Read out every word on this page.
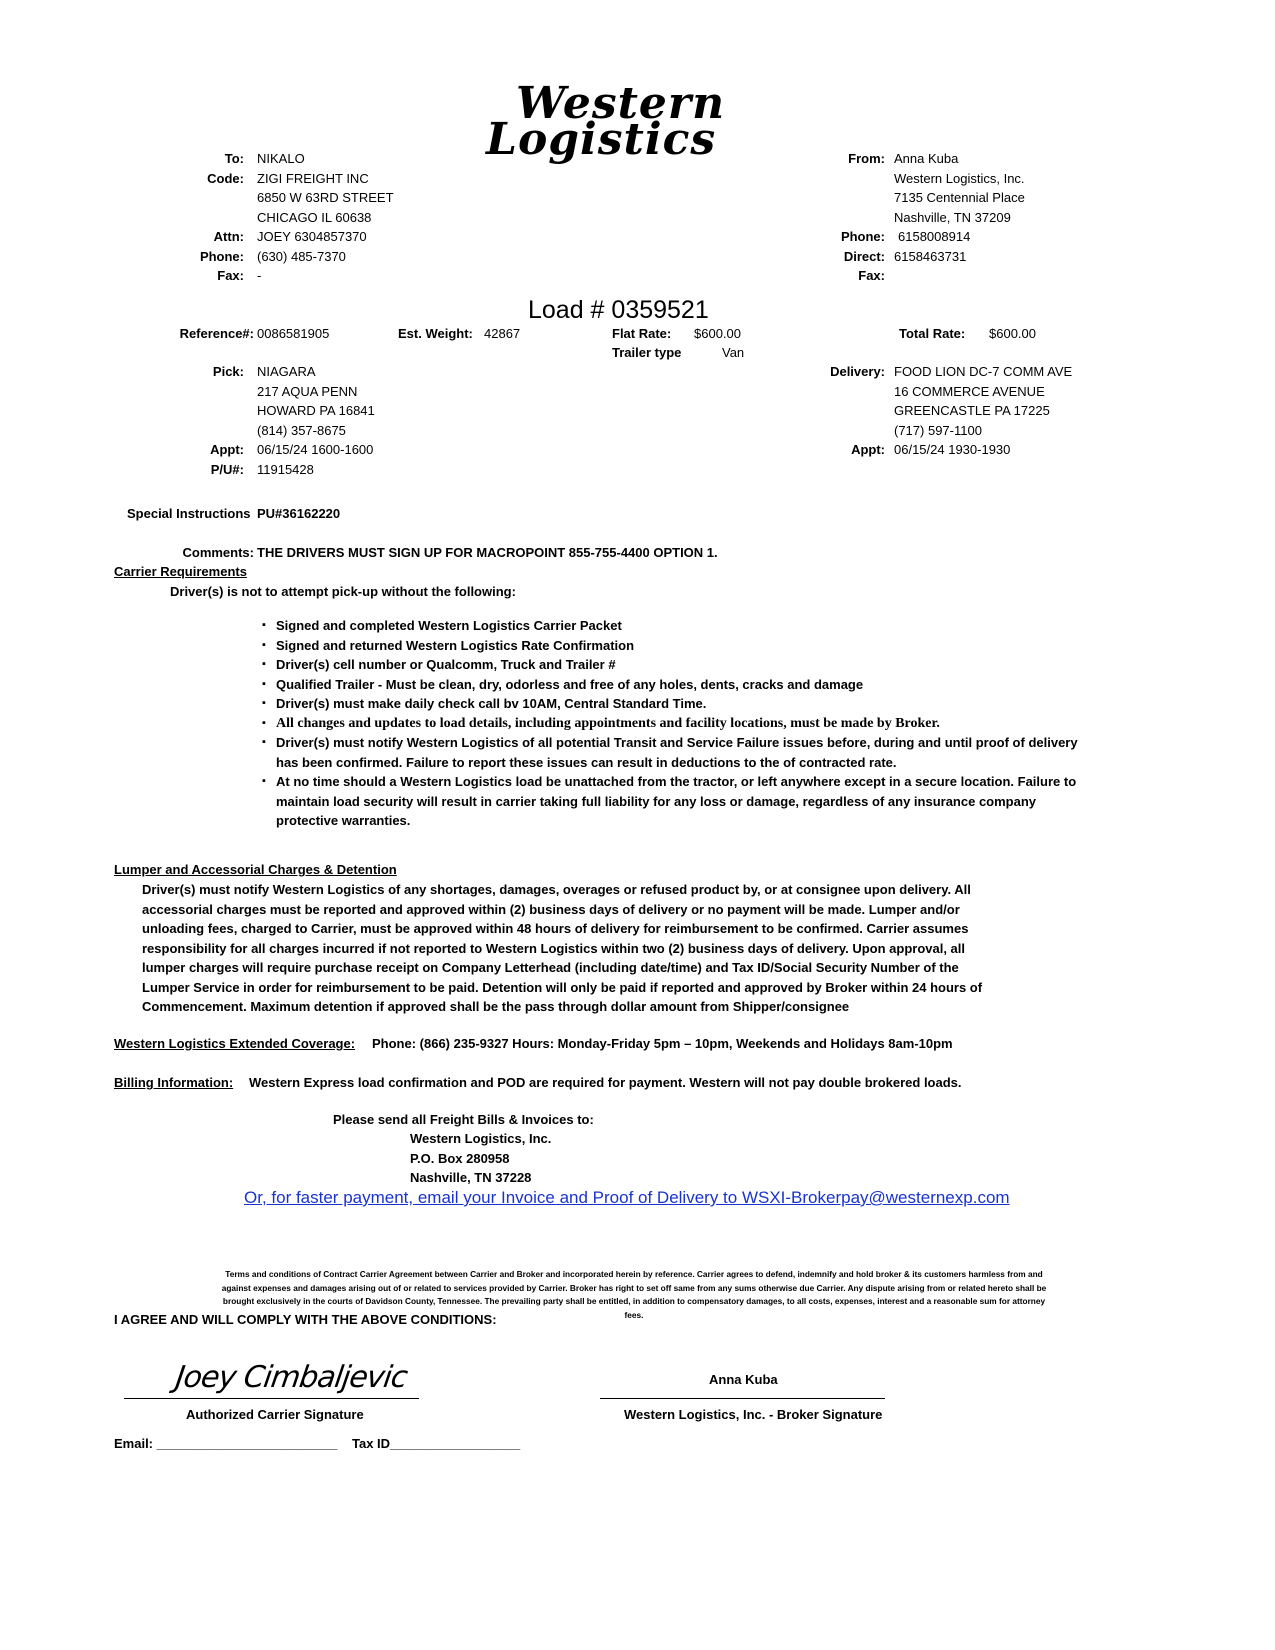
Western
Logistics
To: NIKALO
Code: ZIGI FREIGHT INC
6850 W 63RD STREET
CHICAGO IL 60638
Attn: JOEY 6304857370
Phone: (630) 485-7370
Fax: -
From: Anna Kuba
Western Logistics, Inc.
7135 Centennial Place
Nashville, TN 37209
Phone: 6158008914
Direct: 6158463731
Fax:
Load # 0359521
Reference#: 0086581905	Est. Weight: 42867	Flat Rate: $600.00
Trailer type	Van
Total Rate: $600.00
Pick: NIAGARA
217 AQUA PENN
HOWARD PA 16841
(814) 357-8675
Appt: 06/15/24 1600-1600
P/U#: 11915428
Delivery: FOOD LION DC-7 COMM AVE
16 COMMERCE AVENUE
GREENCASTLE PA 17225
(717) 597-1100
Appt: 06/15/24 1930-1930
Special Instructions PU#36162220
Comments: THE DRIVERS MUST SIGN UP FOR MACROPOINT 855-755-4400 OPTION 1.
Carrier Requirements
Driver(s) is not to attempt pick-up without the following:
▪ Signed and completed Western Logistics Carrier Packet
▪ Signed and returned Western Logistics Rate Confirmation
▪ Driver(s) cell number or Qualcomm, Truck and Trailer #
▪ Qualified Trailer - Must be clean, dry, odorless and free of any holes, dents, cracks and damage
▪ Driver(s) must make daily check call bv 10AM, Central Standard Time.
▪ All changes and updates to load details, including appointments and facility locations, must be made by Broker.
▪ Driver(s) must notify Western Logistics of all potential Transit and Service Failure issues before, during and until proof of delivery has been confirmed. Failure to report these issues can result in deductions to the of contracted rate.
▪ At no time should a Western Logistics load be unattached from the tractor, or left anywhere except in a secure location. Failure to maintain load security will result in carrier taking full liability for any loss or damage, regardless of any insurance company protective warranties.
Lumper and Accessorial Charges & Detention
Driver(s) must notify Western Logistics of any shortages, damages, overages or refused product by, or at consignee upon delivery. All accessorial charges must be reported and approved within (2) business days of delivery or no payment will be made. Lumper and/or unloading fees, charged to Carrier, must be approved within 48 hours of delivery for reimbursement to be confirmed. Carrier assumes responsibility for all charges incurred if not reported to Western Logistics within two (2) business days of delivery. Upon approval, all lumper charges will require purchase receipt on Company Letterhead (including date/time) and Tax ID/Social Security Number of the Lumper Service in order for reimbursement to be paid. Detention will only be paid if reported and approved by Broker within 24 hours of Commencement. Maximum detention if approved shall be the pass through dollar amount from Shipper/consignee
Western Logistics Extended Coverage: Phone: (866) 235-9327 Hours: Monday-Friday 5pm – 10pm, Weekends and Holidays 8am-10pm
Billing Information: Western Express load confirmation and POD are required for payment. Western will not pay double brokered loads.
Please send all Freight Bills & Invoices to:
Western Logistics, Inc.
P.O. Box 280958
Nashville, TN 37228
Or, for faster payment, email your Invoice and Proof of Delivery to WSXI-Brokerpay@westernexp.com
Terms and conditions of Contract Carrier Agreement between Carrier and Broker and incorporated herein by reference. Carrier agrees to defend, indemnify and hold broker & its customers harmless from and against expenses and damages arising out of or related to services provided by Carrier. Broker has right to set off same from any sums otherwise due Carrier. Any dispute arising from or related hereto shall be brought exclusively in the courts of Davidson County, Tennessee. The prevailing party shall be entitled, in addition to compensatory damages, to all costs, expenses, interest and a reasonable sum for attorney fees.
I AGREE AND WILL COMPLY WITH THE ABOVE CONDITIONS:
Joey Cimbaljevic
Authorized Carrier Signature
Anna Kuba
Western Logistics, Inc. - Broker Signature
Email: _________________________ Tax ID__________________
